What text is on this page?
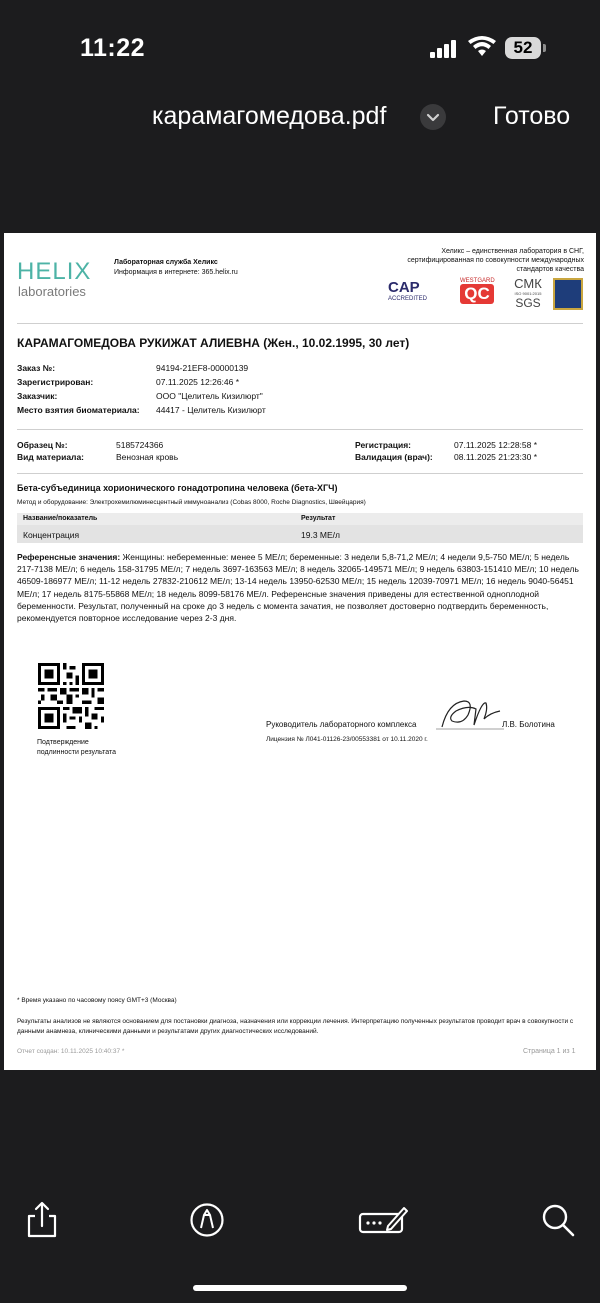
11:22	52
карамагомедова.pdf	Готово
HELIX
laboratories
Лабораторная служба Хеликс
Информация в интернете: 365.helix.ru
Хеликс – единственная лаборатория в СНГ, сертифицированная по совокупности международных стандартов качества
CAP
ACCREDITED
WESTGARD
QC
СМК
ISO 9001:2015
SGS
КАРАМАГОМЕДОВА РУКИЖАТ АЛИЕВНА (Жен., 10.02.1995, 30 лет)
Заказ №:	94194-21EF8-00000139
Зарегистрирован:	07.11.2025 12:26:46 *
Заказчик:	ООО "Целитель Кизилюрт"
Место взятия биоматериала: 44417 - Целитель Кизилюрт
Образец №:	5185724366
Вид материала:	Венозная кровь
Регистрация:	07.11.2025 12:28:58 *
Валидация (врач):	08.11.2025 21:23:30 *
Бета-субъединица хорионического гонадотропина человека (бета-ХГЧ)
Метод и оборудование: Электрохемилюминесцентный иммуноанализ (Cobas 8000, Roche Diagnostics, Швейцария)
Название/показатель	Результат
Концентрация	19.3 МЕ/л
Референсные значения: Женщины: небеременные: менее 5 МЕ/л; беременные: 3 недели 5,8-71,2 МЕ/л; 4 недели 9,5-750 МЕ/л; 5 недель 217-7138 МЕ/л; 6 недель 158-31795 МЕ/л; 7 недель 3697-163563 МЕ/л; 8 недель 32065-149571 МЕ/л; 9 недель 63803-151410 МЕ/л; 10 недель 46509-186977 МЕ/л; 11-12 недель 27832-210612 МЕ/л; 13-14 недель 13950-62530 МЕ/л; 15 недель 12039-70971 МЕ/л; 16 недель 9040-56451 МЕ/л; 17 недель 8175-55868 МЕ/л; 18 недель 8099-58176 МЕ/л. Референсные значения приведены для естественной одноплодной беременности. Результат, полученный на сроке до 3 недель с момента зачатия, не позволяет достоверно подтвердить беременность, рекомендуется повторное исследование через 2-3 дня.
Подтверждение
подлинности результата
Руководитель лабораторного комплекса	Л.В. Болотина
Лицензия № Л041-01126-23/00553381 от 10.11.2020 г.
* Время указано по часовому поясу GMT+3 (Москва)
Результаты анализов не являются основанием для постановки диагноза, назначения или коррекции лечения. Интерпретацию полученных результатов проводит врач в совокупности с данными анамнеза, клиническими данными и результатами других диагностических исследований.
Отчет создан: 10.11.2025 10:40:37 *	Страница 1 из 1
